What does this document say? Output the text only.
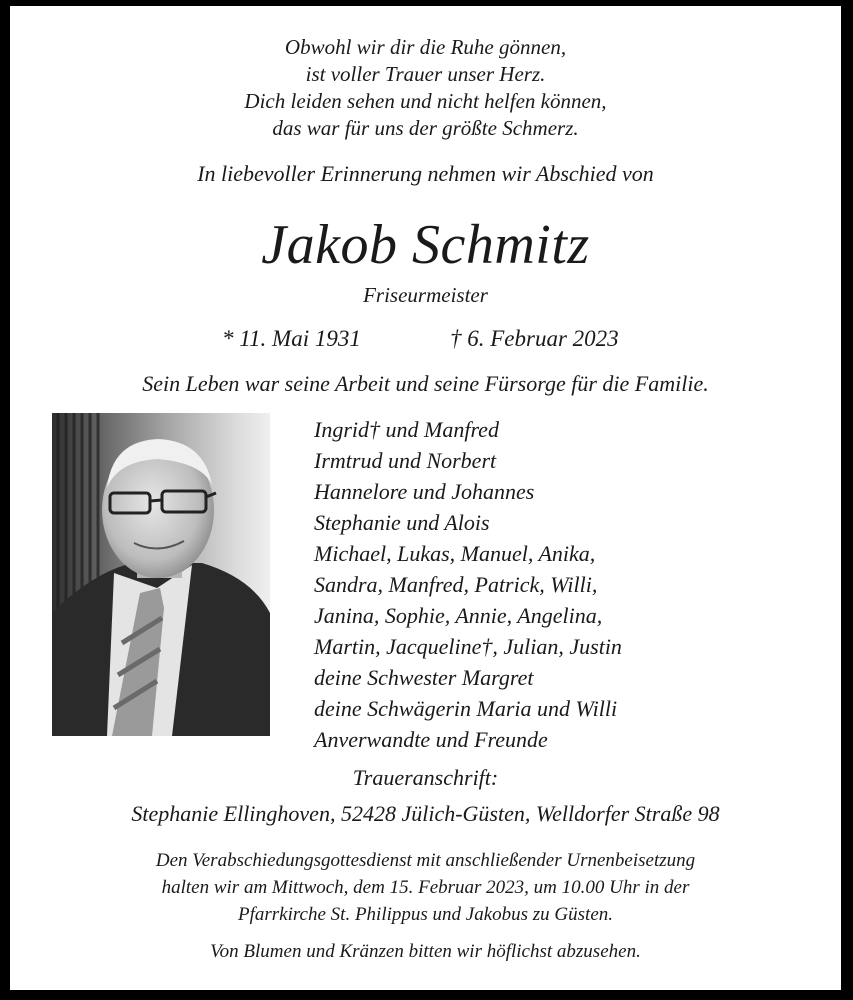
Obwohl wir dir die Ruhe gönnen,
ist voller Trauer unser Herz.
Dich leiden sehen und nicht helfen können,
das war für uns der größte Schmerz.
In liebevoller Erinnerung nehmen wir Abschied von
Jakob Schmitz
Friseurmeister
* 11. Mai 1931	† 6. Februar 2023
Sein Leben war seine Arbeit und seine Fürsorge für die Familie.
Ingrid† und Manfred
Irmtrud und Norbert
Hannelore und Johannes
Stephanie und Alois
Michael, Lukas, Manuel, Anika,
Sandra, Manfred, Patrick, Willi,
Janina, Sophie, Annie, Angelina,
Martin, Jacqueline†, Julian, Justin
deine Schwester Margret
deine Schwägerin Maria und Willi
Anverwandte und Freunde
Traueranschrift:
Stephanie Ellinghoven, 52428 Jülich-Güsten, Welldorfer Straße 98
Den Verabschiedungsgottesdienst mit anschließender Urnenbeisetzung
halten wir am Mittwoch, dem 15. Februar 2023, um 10.00 Uhr in der
Pfarrkirche St. Philippus und Jakobus zu Güsten.
Von Blumen und Kränzen bitten wir höflichst abzusehen.
